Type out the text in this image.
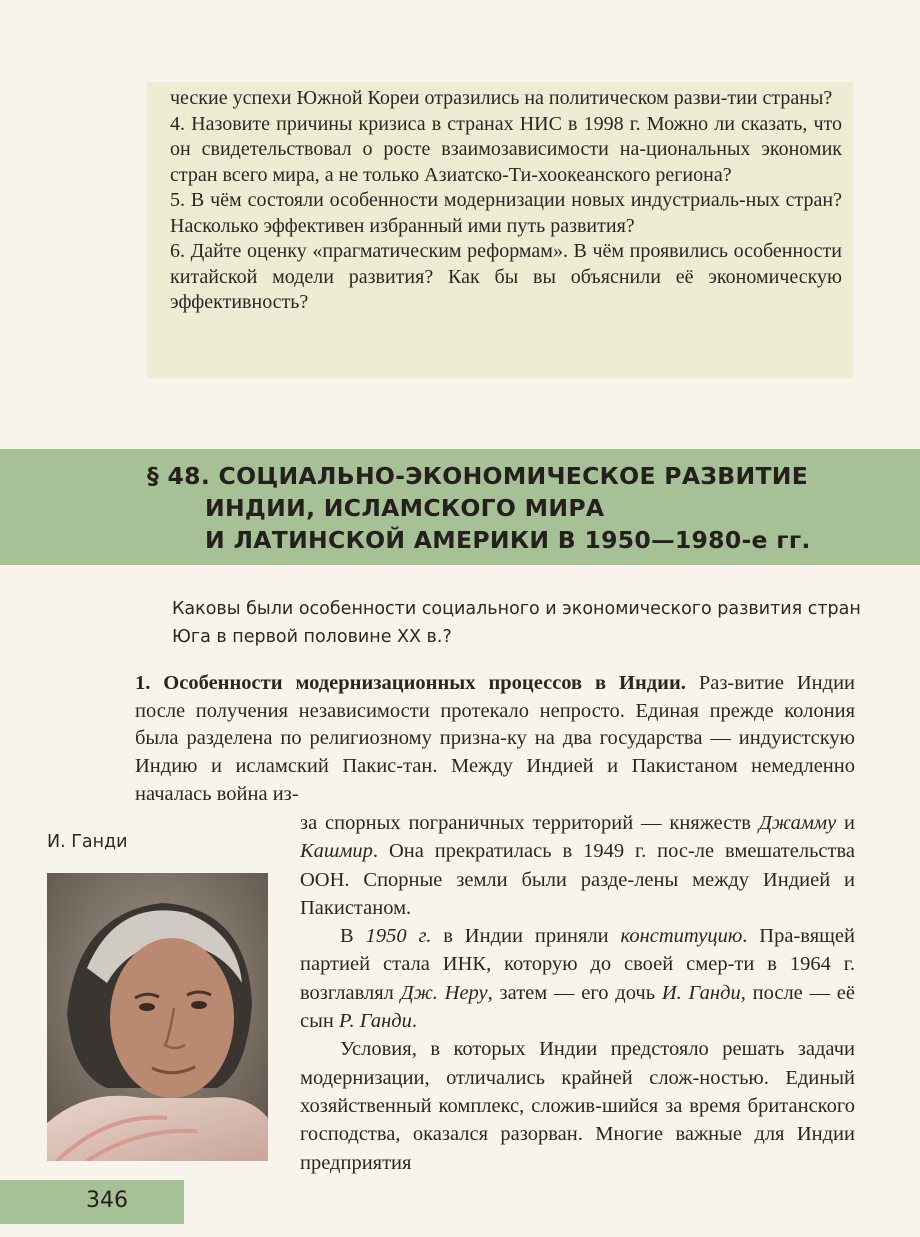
ческие успехи Южной Кореи отразились на политическом разви-тии страны?

4. Назовите причины кризиса в странах НИС в 1998 г. Можно ли сказать, что он свидетельствовал о росте взаимозависимости на-циональных экономик стран всего мира, а не только Азиатско-Ти-хоокеанского региона?

5. В чём состояли особенности модернизации новых индустриаль-ных стран? Насколько эффективен избранный ими путь развития?

6. Дайте оценку «прагматическим реформам». В чём проявились особенности китайской модели развития? Как бы вы объяснили её экономическую эффективность?

§ 48. СОЦИАЛЬНО-ЭКОНОМИЧЕСКОЕ РАЗВИТИЕ
ИНДИИ, ИСЛАМСКОГО МИРА
И ЛАТИНСКОЙ АМЕРИКИ В 1950—1980-е гг.

Каковы были особенности социального и экономического развития стран Юга в первой половине XX в.?

1. Особенности модернизационных процессов в Индии. Раз-витие Индии после получения независимости протекало непросто. Единая прежде колония была разделена по религиозному призна-ку на два государства — индуистскую Индию и исламский Пакис-тан. Между Индией и Пакистаном немедленно началась война из-

за спорных пограничных территорий — княжеств Джамму и Кашмир. Она прекратилась в 1949 г. пос-ле вмешательства ООН. Спорные земли были разде-лены между Индией и Пакистаном.

В 1950 г. в Индии приняли конституцию. Пра-вящей партией стала ИНК, которую до своей смер-ти в 1964 г. возглавлял Дж. Неру, затем — его дочь И. Ганди, после — её сын Р. Ганди.

Условия, в которых Индии предстояло решать задачи модернизации, отличались крайней слож-ностью. Единый хозяйственный комплекс, сложив-шийся за время британского господства, оказался разорван. Многие важные для Индии предприятия

И. Ганди

346
